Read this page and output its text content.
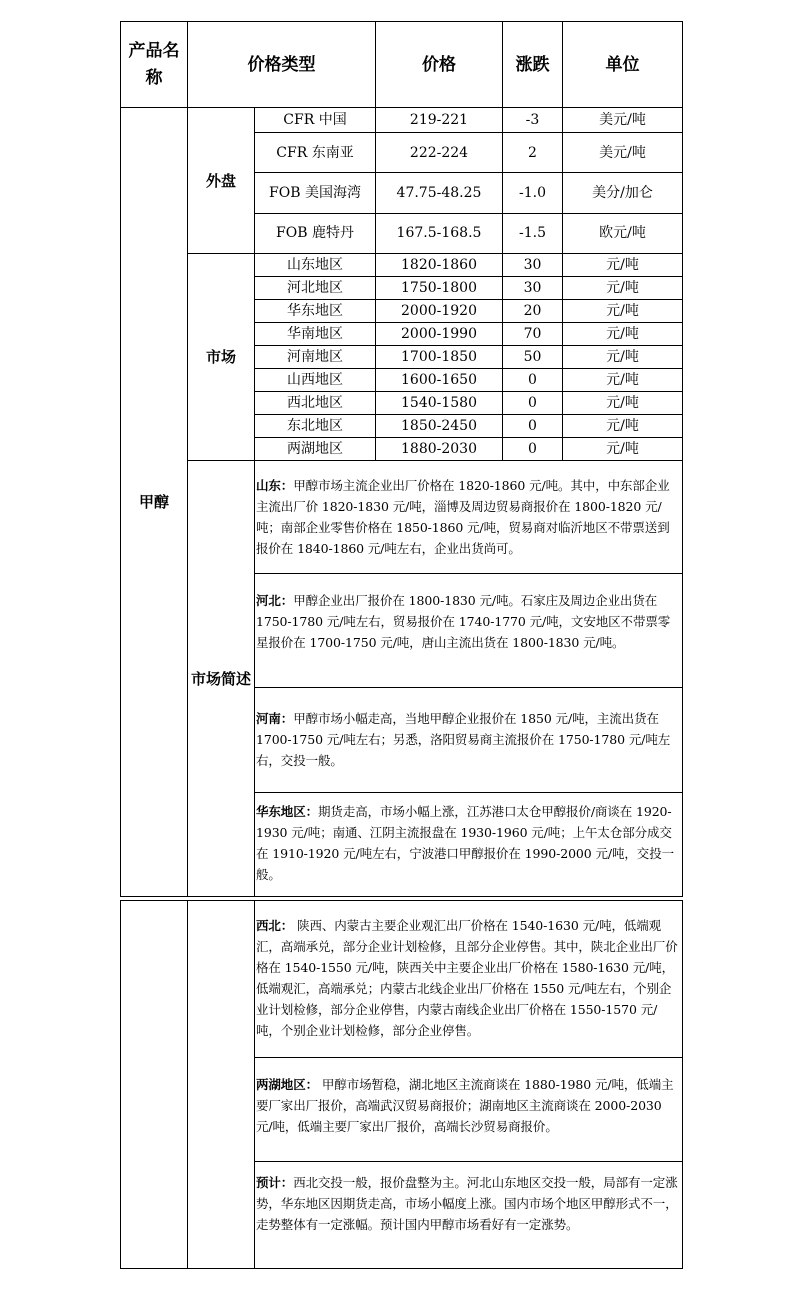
产品名称	价格类型		价格	涨跌	单位
甲醇	外盘	CFR 中国	219-221	-3	美元/吨
		CFR 东南亚	222-224	2	美元/吨
		FOB 美国海湾	47.75-48.25	-1.0	美分/加仑
		FOB 鹿特丹	167.5-168.5	-1.5	欧元/吨
	市场	山东地区	1820-1860	30	元/吨
		河北地区	1750-1800	30	元/吨
		华东地区	2000-1920	20	元/吨
		华南地区	2000-1990	70	元/吨
		河南地区	1700-1850	50	元/吨
		山西地区	1600-1650	0	元/吨
		西北地区	1540-1580	0	元/吨
		东北地区	1850-2450	0	元/吨
		两湖地区	1880-2030	0	元/吨
	市场简述	山东：甲醇市场主流企业出厂价格在 1820-1860 元/吨。其中，中东部企业主流出厂价 1820-1830 元/吨，淄博及周边贸易商报价在 1800-1820 元/吨；南部企业零售价格在 1850-1860 元/吨，贸易商对临沂地区不带票送到报价在 1840-1860 元/吨左右，企业出货尚可。			

		河北：甲醇企业出厂报价在 1800-1830 元/吨。石家庄及周边企业出货在 1750-1780 元/吨左右，贸易报价在 1740-1770 元/吨，文安地区不带票零星报价在 1700-1750 元/吨，唐山主流出货在 1800-1830 元/吨。			

		河南：甲醇市场小幅走高，当地甲醇企业报价在 1850 元/吨，主流出货在 1700-1750 元/吨左右；另悉，洛阳贸易商主流报价在 1750-1780 元/吨左右，交投一般。			

		华东地区：期货走高，市场小幅上涨，江苏港口太仓甲醇报价/商谈在 1920-1930 元/吨；南通、江阴主流报盘在 1930-1960 元/吨；上午太仓部分成交在 1910-1920 元/吨左右，宁波港口甲醇报价在 1990-2000 元/吨，交投一般。			

西北： 陕西、内蒙古主要企业观汇出厂价格在 1540-1630 元/吨，低端观汇，高端承兑，部分企业计划检修，且部分企业停售。其中，陕北企业出厂价格在 1540-1550 元/吨，陕西关中主要企业出厂价格在 1580-1630 元/吨，低端观汇，高端承兑；内蒙古北线企业出厂价格在 1550 元/吨左右，个别企业计划检修，部分企业停售，内蒙古南线企业出厂价格在 1550-1570 元/吨，个别企业计划检修，部分企业停售。

两湖地区： 甲醇市场暂稳，湖北地区主流商谈在 1880-1980 元/吨，低端主要厂家出厂报价，高端武汉贸易商报价；湖南地区主流商谈在 2000-2030 元/吨，低端主要厂家出厂报价，高端长沙贸易商报价。

预计：西北交投一般，报价盘整为主。河北山东地区交投一般，局部有一定涨势，华东地区因期货走高，市场小幅度上涨。国内市场个地区甲醇形式不一，走势整体有一定涨幅。预计国内甲醇市场看好有一定涨势。
